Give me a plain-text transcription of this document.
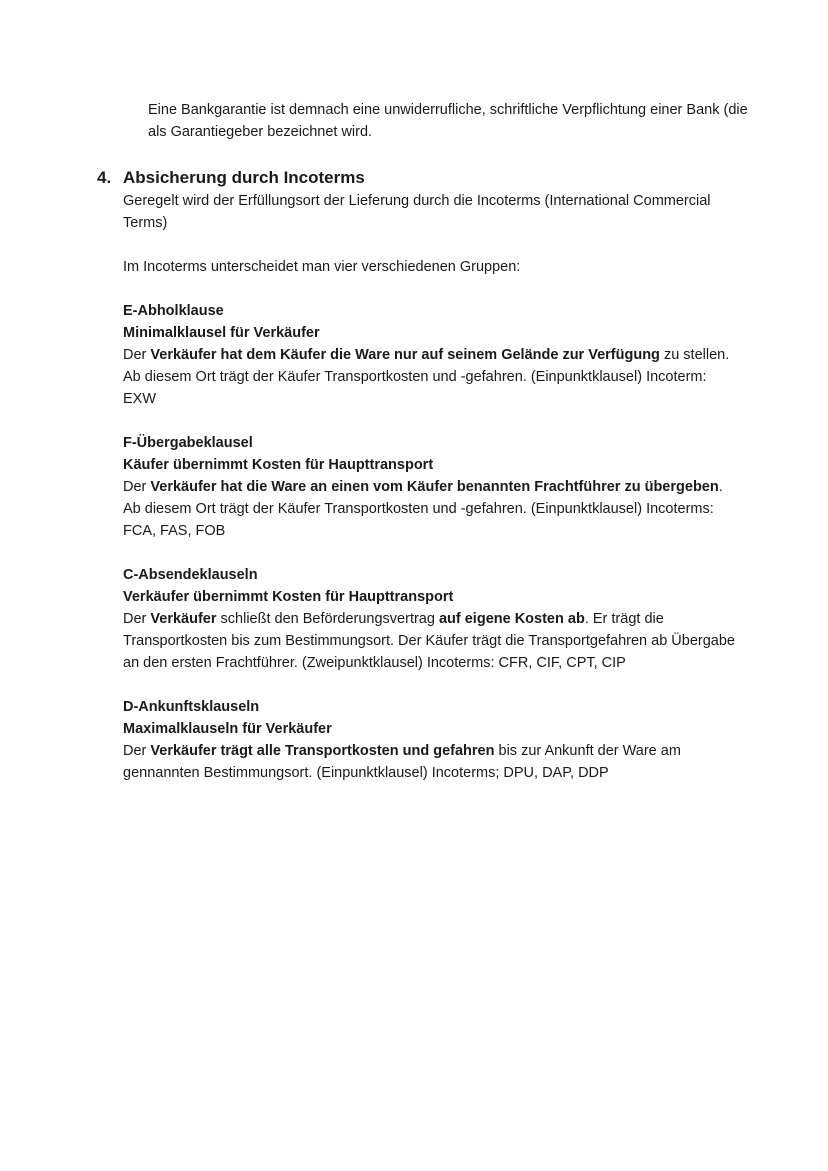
Eine Bankgarantie ist demnach eine unwiderrufliche, schriftliche Verpflichtung einer Bank (die als Garantiegeber bezeichnet wird.

4. Absicherung durch Incoterms

Geregelt wird der Erfüllungsort der Lieferung durch die Incoterms (International Commercial Terms)

Im Incoterms unterscheidet man vier verschiedenen Gruppen:

E-Abholklause

Minimalklausel für Verkäufer

Der Verkäufer hat dem Käufer die Ware nur auf seinem Gelände zur Verfügung zu stellen. Ab diesem Ort trägt der Käufer Transportkosten und -gefahren. (Einpunktklausel) Incoterm: EXW

F-Übergabeklausel

Käufer übernimmt Kosten für Haupttransport

Der Verkäufer hat die Ware an einen vom Käufer benannten Frachtführer zu übergeben. Ab diesem Ort trägt der Käufer Transportkosten und -gefahren. (Einpunktklausel) Incoterms: FCA, FAS, FOB

C-Absendeklauseln

Verkäufer übernimmt Kosten für Haupttransport

Der Verkäufer schließt den Beförderungsvertrag auf eigene Kosten ab. Er trägt die Transportkosten bis zum Bestimmungsort. Der Käufer trägt die Transportgefahren ab Übergabe an den ersten Frachtführer. (Zweipunktklausel) Incoterms: CFR, CIF, CPT, CIP

D-Ankunftsklauseln

Maximalklauseln für Verkäufer

Der Verkäufer trägt alle Transportkosten und gefahren bis zur Ankunft der Ware am gennannten Bestimmungsort. (Einpunktklausel) Incoterms; DPU, DAP, DDP
